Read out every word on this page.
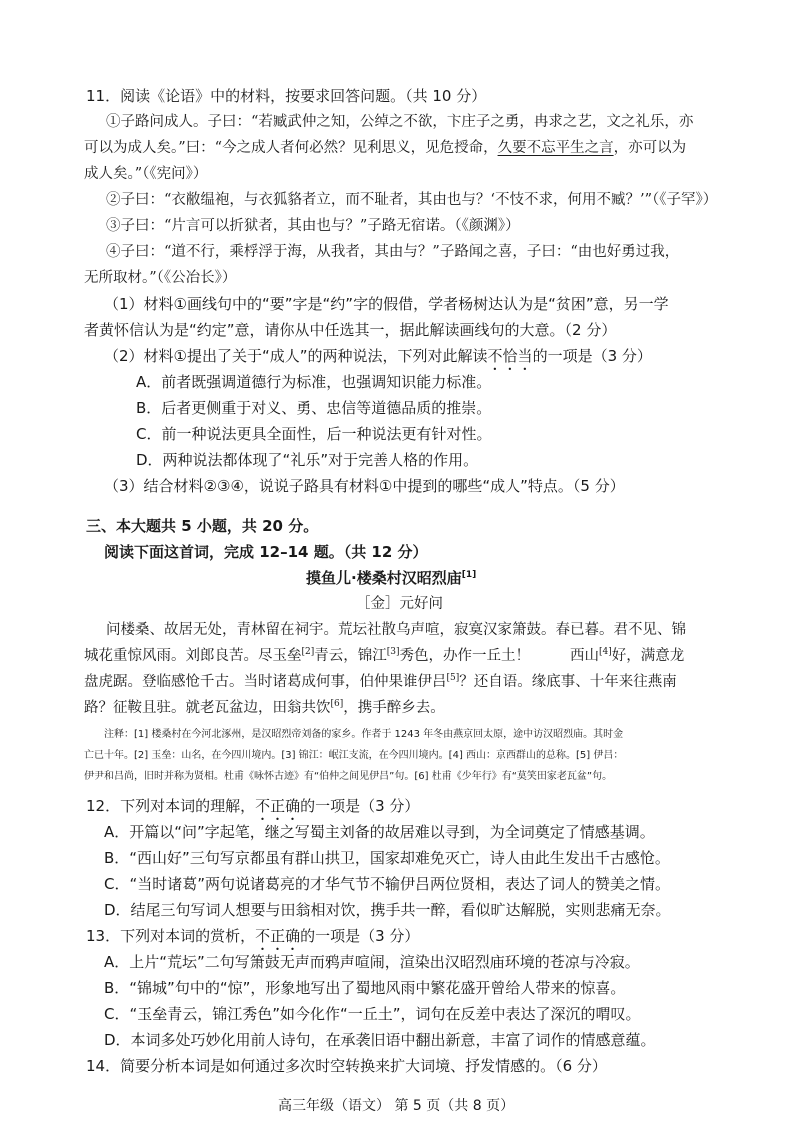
11．阅读《论语》中的材料，按要求回答问题。（共 10 分）
①子路问成人。子曰：“若臧武仲之知，公绰之不欲，卞庄子之勇，冉求之艺，文之礼乐，亦
可以为成人矣。”曰：“今之成人者何必然？见利思义，见危授命，久要不忘平生之言，亦可以为
成人矣。”（《宪问》）
②子曰：“衣敝缊袍，与衣狐貉者立，而不耻者，其由也与？‘不忮不求，何用不臧？’”（《子罕》）
③子曰：“片言可以折狱者，其由也与？”子路无宿诺。（《颜渊》）
④子曰：“道不行，乘桴浮于海，从我者，其由与？”子路闻之喜，子曰：“由也好勇过我，
无所取材。”（《公冶长》）
（1）材料①画线句中的“要”字是“约”字的假借，学者杨树达认为是“贫困”意，另一学
者黄怀信认为是“约定”意，请你从中任选其一，据此解读画线句的大意。（2 分）
（2）材料①提出了关于“成人”的两种说法，下列对此解读不恰当的一项是（3 分）
A．前者既强调道德行为标准，也强调知识能力标准。
B．后者更侧重于对义、勇、忠信等道德品质的推崇。
C．前一种说法更具全面性，后一种说法更有针对性。
D．两种说法都体现了“礼乐”对于完善人格的作用。
（3）结合材料②③④，说说子路具有材料①中提到的哪些“成人”特点。（5 分）
三、本大题共 5 小题，共 20 分。
阅读下面这首词，完成 12–14 题。（共 12 分）
摸鱼儿·楼桑村汉昭烈庙[1]
［金］元好问
问楼桑、故居无处，青林留在祠宇。荒坛社散乌声喧，寂寞汉家箫鼓。春已暮。君不见、锦
城花重惊风雨。刘郎良苦。尽玉垒[2]青云，锦江[3]秀色，办作一丘土！	西山[4]好，满意龙
盘虎踞。登临感怆千古。当时诸葛成何事，伯仲果谁伊吕[5]？还自语。缘底事、十年来往燕南
路？征鞍且驻。就老瓦盆边，田翁共饮[6]，携手醉乡去。
注释：[1] 楼桑村在今河北涿州，是汉昭烈帝刘备的家乡。作者于 1243 年冬由燕京回太原，途中访汉昭烈庙。其时金
亡已十年。[2] 玉垒：山名，在今四川境内。[3] 锦江：岷江支流，在今四川境内。[4] 西山：京西群山的总称。[5] 伊吕：
伊尹和吕尚，旧时并称为贤相。杜甫《咏怀古迹》有“伯仲之间见伊吕”句。[6] 杜甫《少年行》有“莫笑田家老瓦盆”句。
12．下列对本词的理解，不正确的一项是（3 分）
A．开篇以“问”字起笔，继之写蜀主刘备的故居难以寻到，为全词奠定了情感基调。
B．“西山好”三句写京都虽有群山拱卫，国家却难免灭亡，诗人由此生发出千古感怆。
C．“当时诸葛”两句说诸葛亮的才华气节不输伊吕两位贤相，表达了词人的赞美之情。
D．结尾三句写词人想要与田翁相对饮，携手共一醉，看似旷达解脱，实则悲痛无奈。
13．下列对本词的赏析，不正确的一项是（3 分）
A．上片“荒坛”二句写箫鼓无声而鸦声喧闹，渲染出汉昭烈庙环境的苍凉与冷寂。
B．“锦城”句中的“惊”，形象地写出了蜀地风雨中繁花盛开曾给人带来的惊喜。
C．“玉垒青云，锦江秀色”如今化作“一丘土”，词句在反差中表达了深沉的喟叹。
D．本词多处巧妙化用前人诗句，在承袭旧语中翻出新意，丰富了词作的情感意蕴。
14．简要分析本词是如何通过多次时空转换来扩大词境、抒发情感的。（6 分）
高三年级（语文） 第 5 页（共 8 页）
